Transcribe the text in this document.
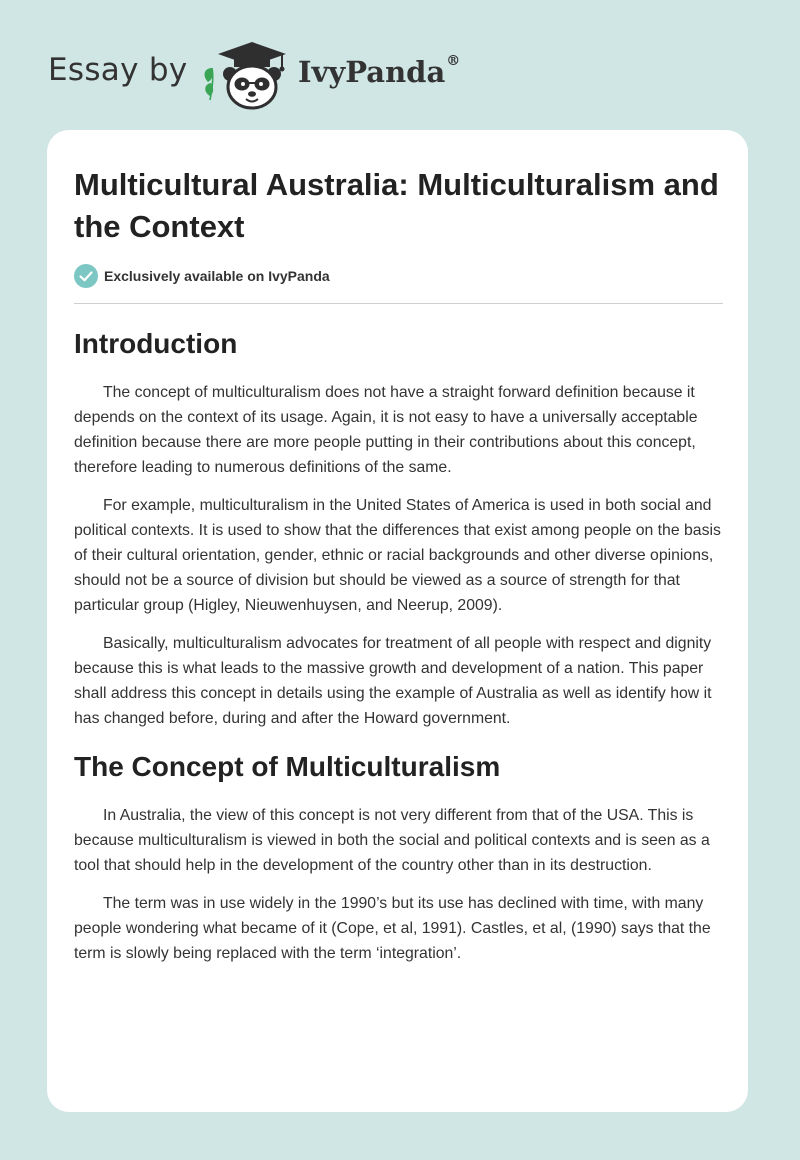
Essay by	IvyPanda®
Multicultural Australia: Multiculturalism and the Context
Exclusively available on IvyPanda
Introduction

The concept of multiculturalism does not have a straight forward definition because it depends on the context of its usage. Again, it is not easy to have a universally acceptable definition because there are more people putting in their contributions about this concept, therefore leading to numerous definitions of the same.

For example, multiculturalism in the United States of America is used in both social and political contexts. It is used to show that the differences that exist among people on the basis of their cultural orientation, gender, ethnic or racial backgrounds and other diverse opinions, should not be a source of division but should be viewed as a source of strength for that particular group (Higley, Nieuwenhuysen, and Neerup, 2009).

Basically, multiculturalism advocates for treatment of all people with respect and dignity because this is what leads to the massive growth and development of a nation. This paper shall address this concept in details using the example of Australia as well as identify how it has changed before, during and after the Howard government.

The Concept of Multiculturalism

In Australia, the view of this concept is not very different from that of the USA. This is because multiculturalism is viewed in both the social and political contexts and is seen as a tool that should help in the development of the country other than in its destruction.

The term was in use widely in the 1990’s but its use has declined with time, with many people wondering what became of it (Cope, et al, 1991). Castles, et al, (1990) says that the term is slowly being replaced with the term ‘integration’.
